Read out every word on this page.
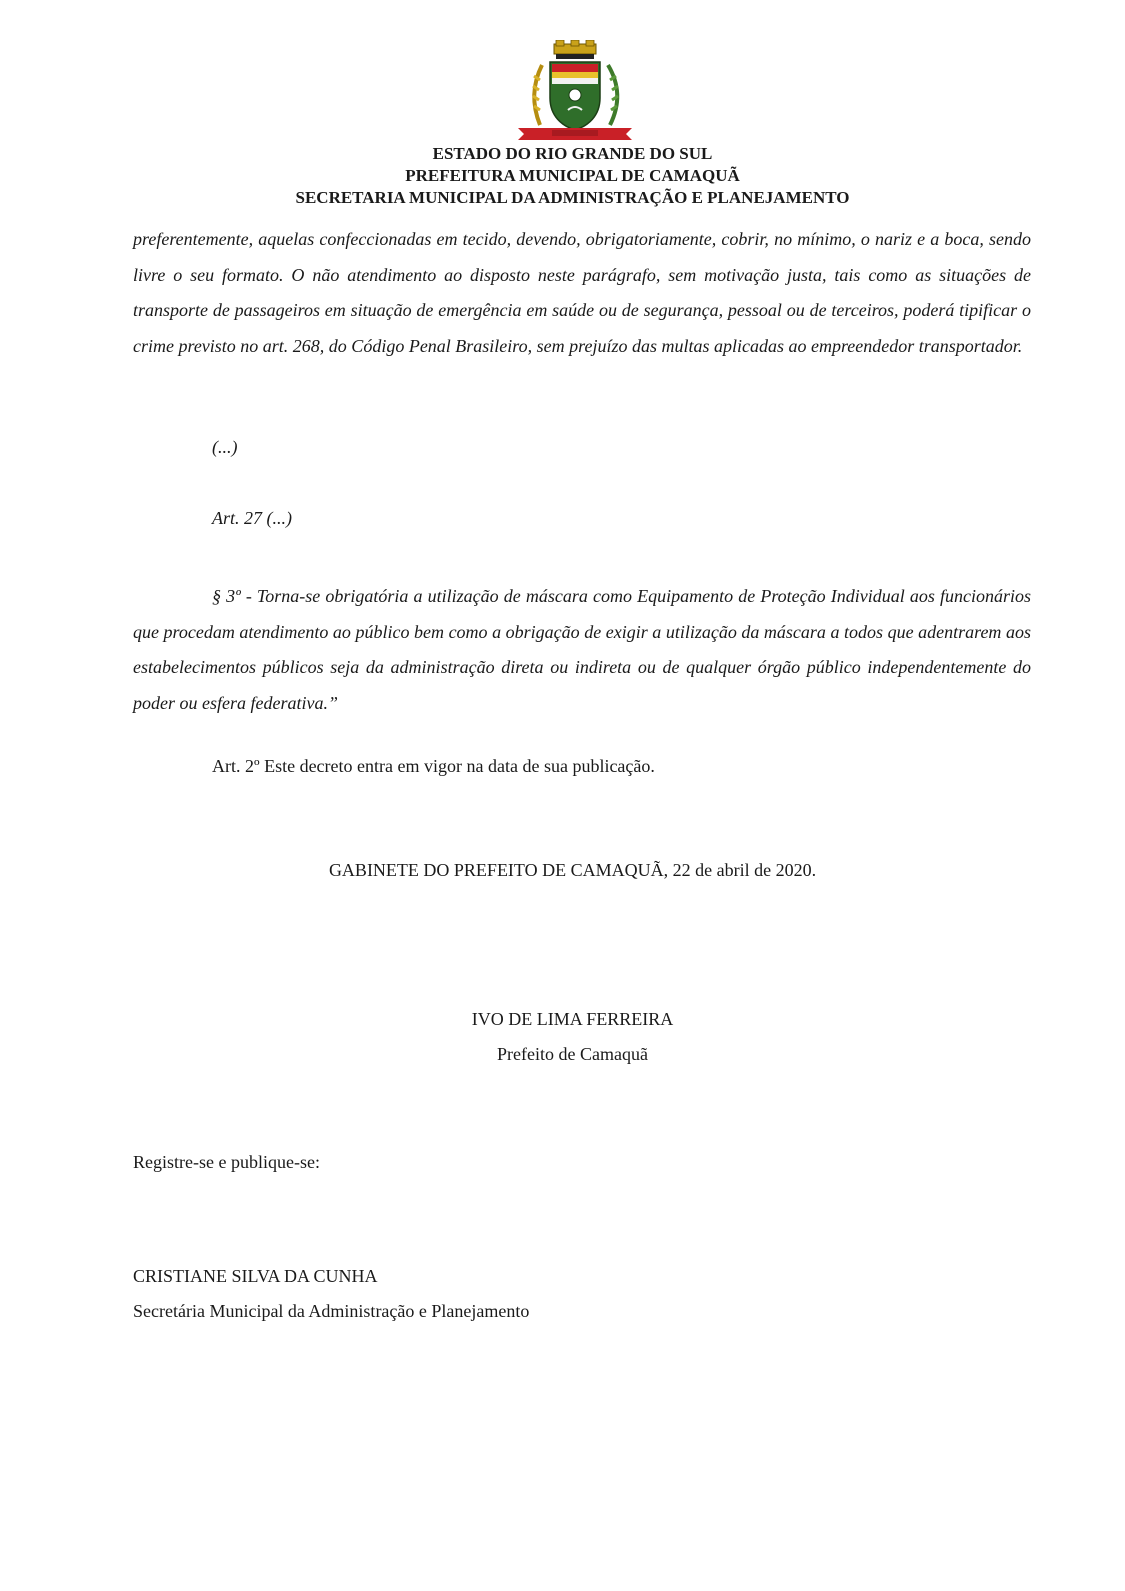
ESTADO DO RIO GRANDE DO SUL
PREFEITURA MUNICIPAL DE CAMAQUÃ
SECRETARIA MUNICIPAL DA ADMINISTRAÇÃO E PLANEJAMENTO
preferentemente, aquelas confeccionadas em tecido, devendo, obrigatoriamente, cobrir, no mínimo, o nariz e a boca, sendo livre o seu formato. O não atendimento ao disposto neste parágrafo, sem motivação justa, tais como as situações de transporte de passageiros em situação de emergência em saúde ou de segurança, pessoal ou de terceiros, poderá tipificar o crime previsto no art. 268, do Código Penal Brasileiro, sem prejuízo das multas aplicadas ao empreendedor transportador.
(...)
Art. 27 (...)
§ 3º - Torna-se obrigatória a utilização de máscara como Equipamento de Proteção Individual aos funcionários que procedam atendimento ao público bem como a obrigação de exigir a utilização da máscara a todos que adentrarem aos estabelecimentos públicos seja da administração direta ou indireta ou de qualquer órgão público independentemente do poder ou esfera federativa.”
Art. 2º Este decreto entra em vigor na data de sua publicação.
GABINETE DO PREFEITO DE CAMAQUÃ, 22 de abril de 2020.
IVO DE LIMA FERREIRA
Prefeito de Camaquã
Registre-se e publique-se:
CRISTIANE SILVA DA CUNHA
Secretária Municipal da Administração e Planejamento
